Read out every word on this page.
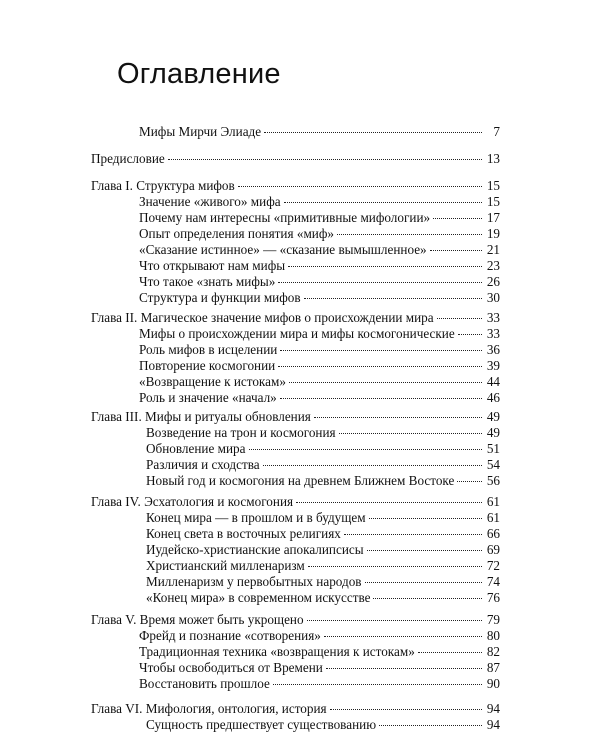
Оглавление
Мифы Мирчи Элиаде	7
Предисловие	13
Глава I. Структура мифов	15
Значение «живого» мифа	15
Почему нам интересны «примитивные мифологии»	17
Опыт определения понятия «миф»	19
«Сказание истинное» — «сказание вымышленное»	21
Что открывают нам мифы	23
Что такое «знать мифы»	26
Структура и функции мифов	30
Глава II. Магическое значение мифов о происхождении мира	33
Мифы о происхождении мира и мифы космогонические 33
Роль мифов в исцелении	36
Повторение космогонии	39
«Возвращение к истокам»	44
Роль и значение «начал»	46
Глава III. Мифы и ритуалы обновления	49
Возведение на трон и космогония	49
Обновление мира	51
Различия и сходства	54
Новый год и космогония на древнем Ближнем Востоке 56
Глава IV. Эсхатология и космогония	61
Конец мира — в прошлом и в будущем	61
Конец света в восточных религиях	66
Иудейско-христианские апокалипсисы	69
Христианский милленаризм	72
Милленаризм у первобытных народов	74
«Конец мира» в современном искусстве	76
Глава V. Время может быть укрощено	79
Фрейд и познание «сотворения»	80
Традиционная техника «возвращения к истокам»	82
Чтобы освободиться от Времени	87
Восстановить прошлое	90
Глава VI. Мифология, онтология, история	94
Сущность предшествует существованию	94
